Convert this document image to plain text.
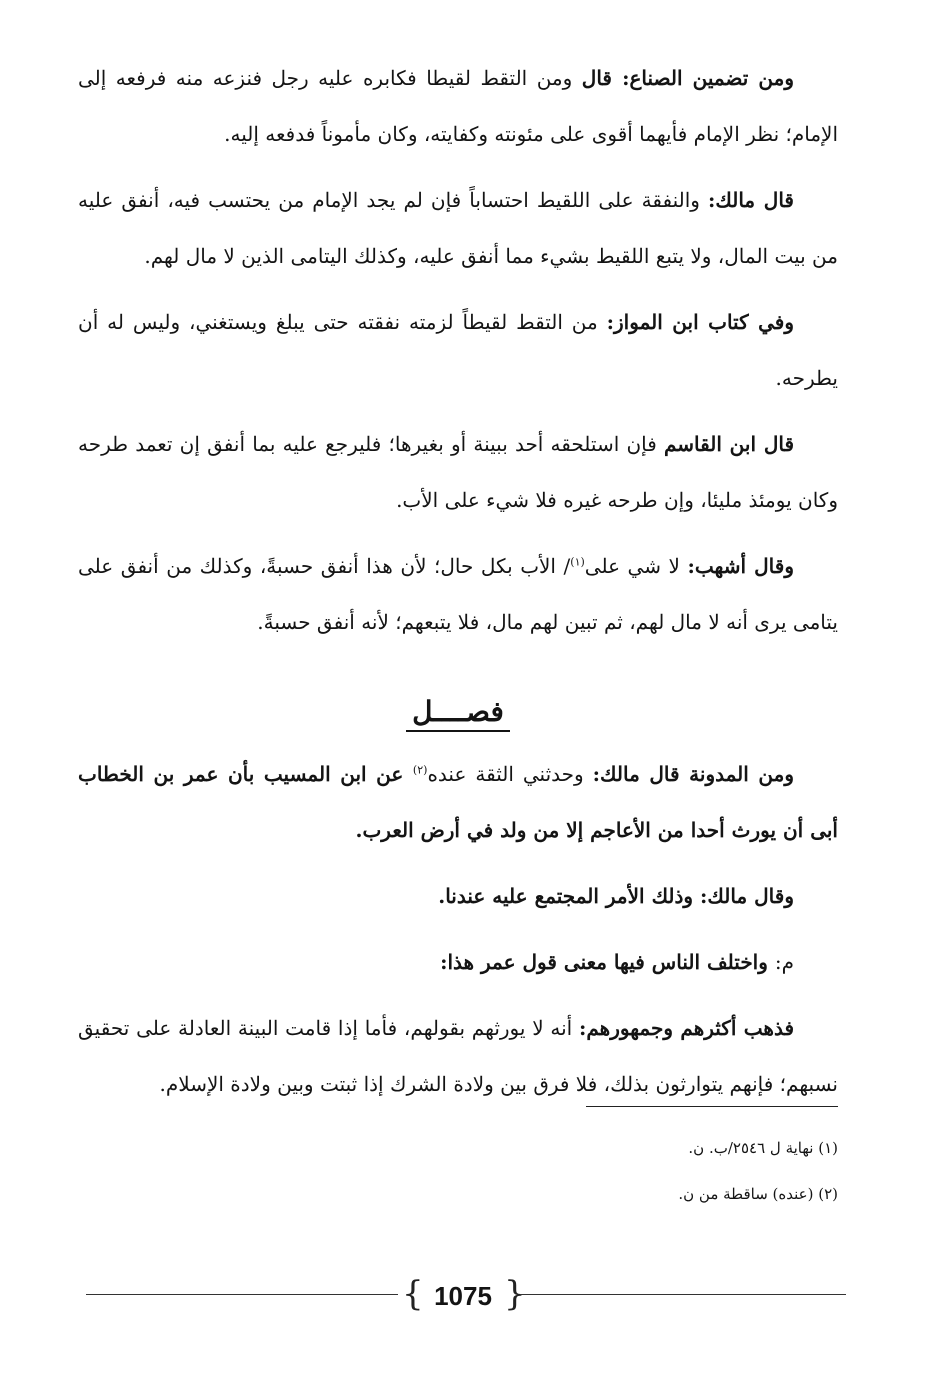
ومن تضمين الصناع: قال ومن التقط لقيطا فكابره عليه رجل فنزعه منه فرفعه إلى الإمام؛ نظر الإمام فأيهما أقوى على مئونته وكفايته، وكان مأموناً فدفعه إليه.

قال مالك: والنفقة على اللقيط احتساباً فإن لم يجد الإمام من يحتسب فيه، أنفق عليه من بيت المال، ولا يتبع اللقيط بشيء مما أنفق عليه، وكذلك اليتامى الذين لا مال لهم.

وفي كتاب ابن المواز: من التقط لقيطاً لزمته نفقته حتى يبلغ ويستغني، وليس له أن يطرحه.

قال ابن القاسم فإن استلحقه أحد ببينة أو بغيرها؛ فليرجع عليه بما أنفق إن تعمد طرحه وكان يومئذ مليئا، وإن طرحه غيره فلا شيء على الأب.

وقال أشهب: لا شي على$^{(١)}$/ الأب بكل حال؛ لأن هذا أنفق حسبةً، وكذلك من أنفق على يتامى يرى أنه لا مال لهم، ثم تبين لهم مال، فلا يتبعهم؛ لأنه أنفق حسبةً.

فصــــل

ومن المدونة قال مالك: وحدثني الثقة عنده$^{(٢)}$ عن ابن المسيب بأن عمر بن الخطاب أبى أن يورث أحدا من الأعاجم إلا من ولد في أرض العرب.

وقال مالك: وذلك الأمر المجتمع عليه عندنا.

م: واختلف الناس فيها معنى قول عمر هذا:

فذهب أكثرهم وجمهورهم: أنه لا يورثهم بقولهم، فأما إذا قامت البينة العادلة على تحقيق نسبهم؛ فإنهم يتوارثون بذلك، فلا فرق بين ولادة الشرك إذا ثبتت وبين ولادة الإسلام.

(١) نهاية ل ٢٥٤٦/ب. ن.
(٢) (عنده) ساقطة من ن.
{ 1075 }
